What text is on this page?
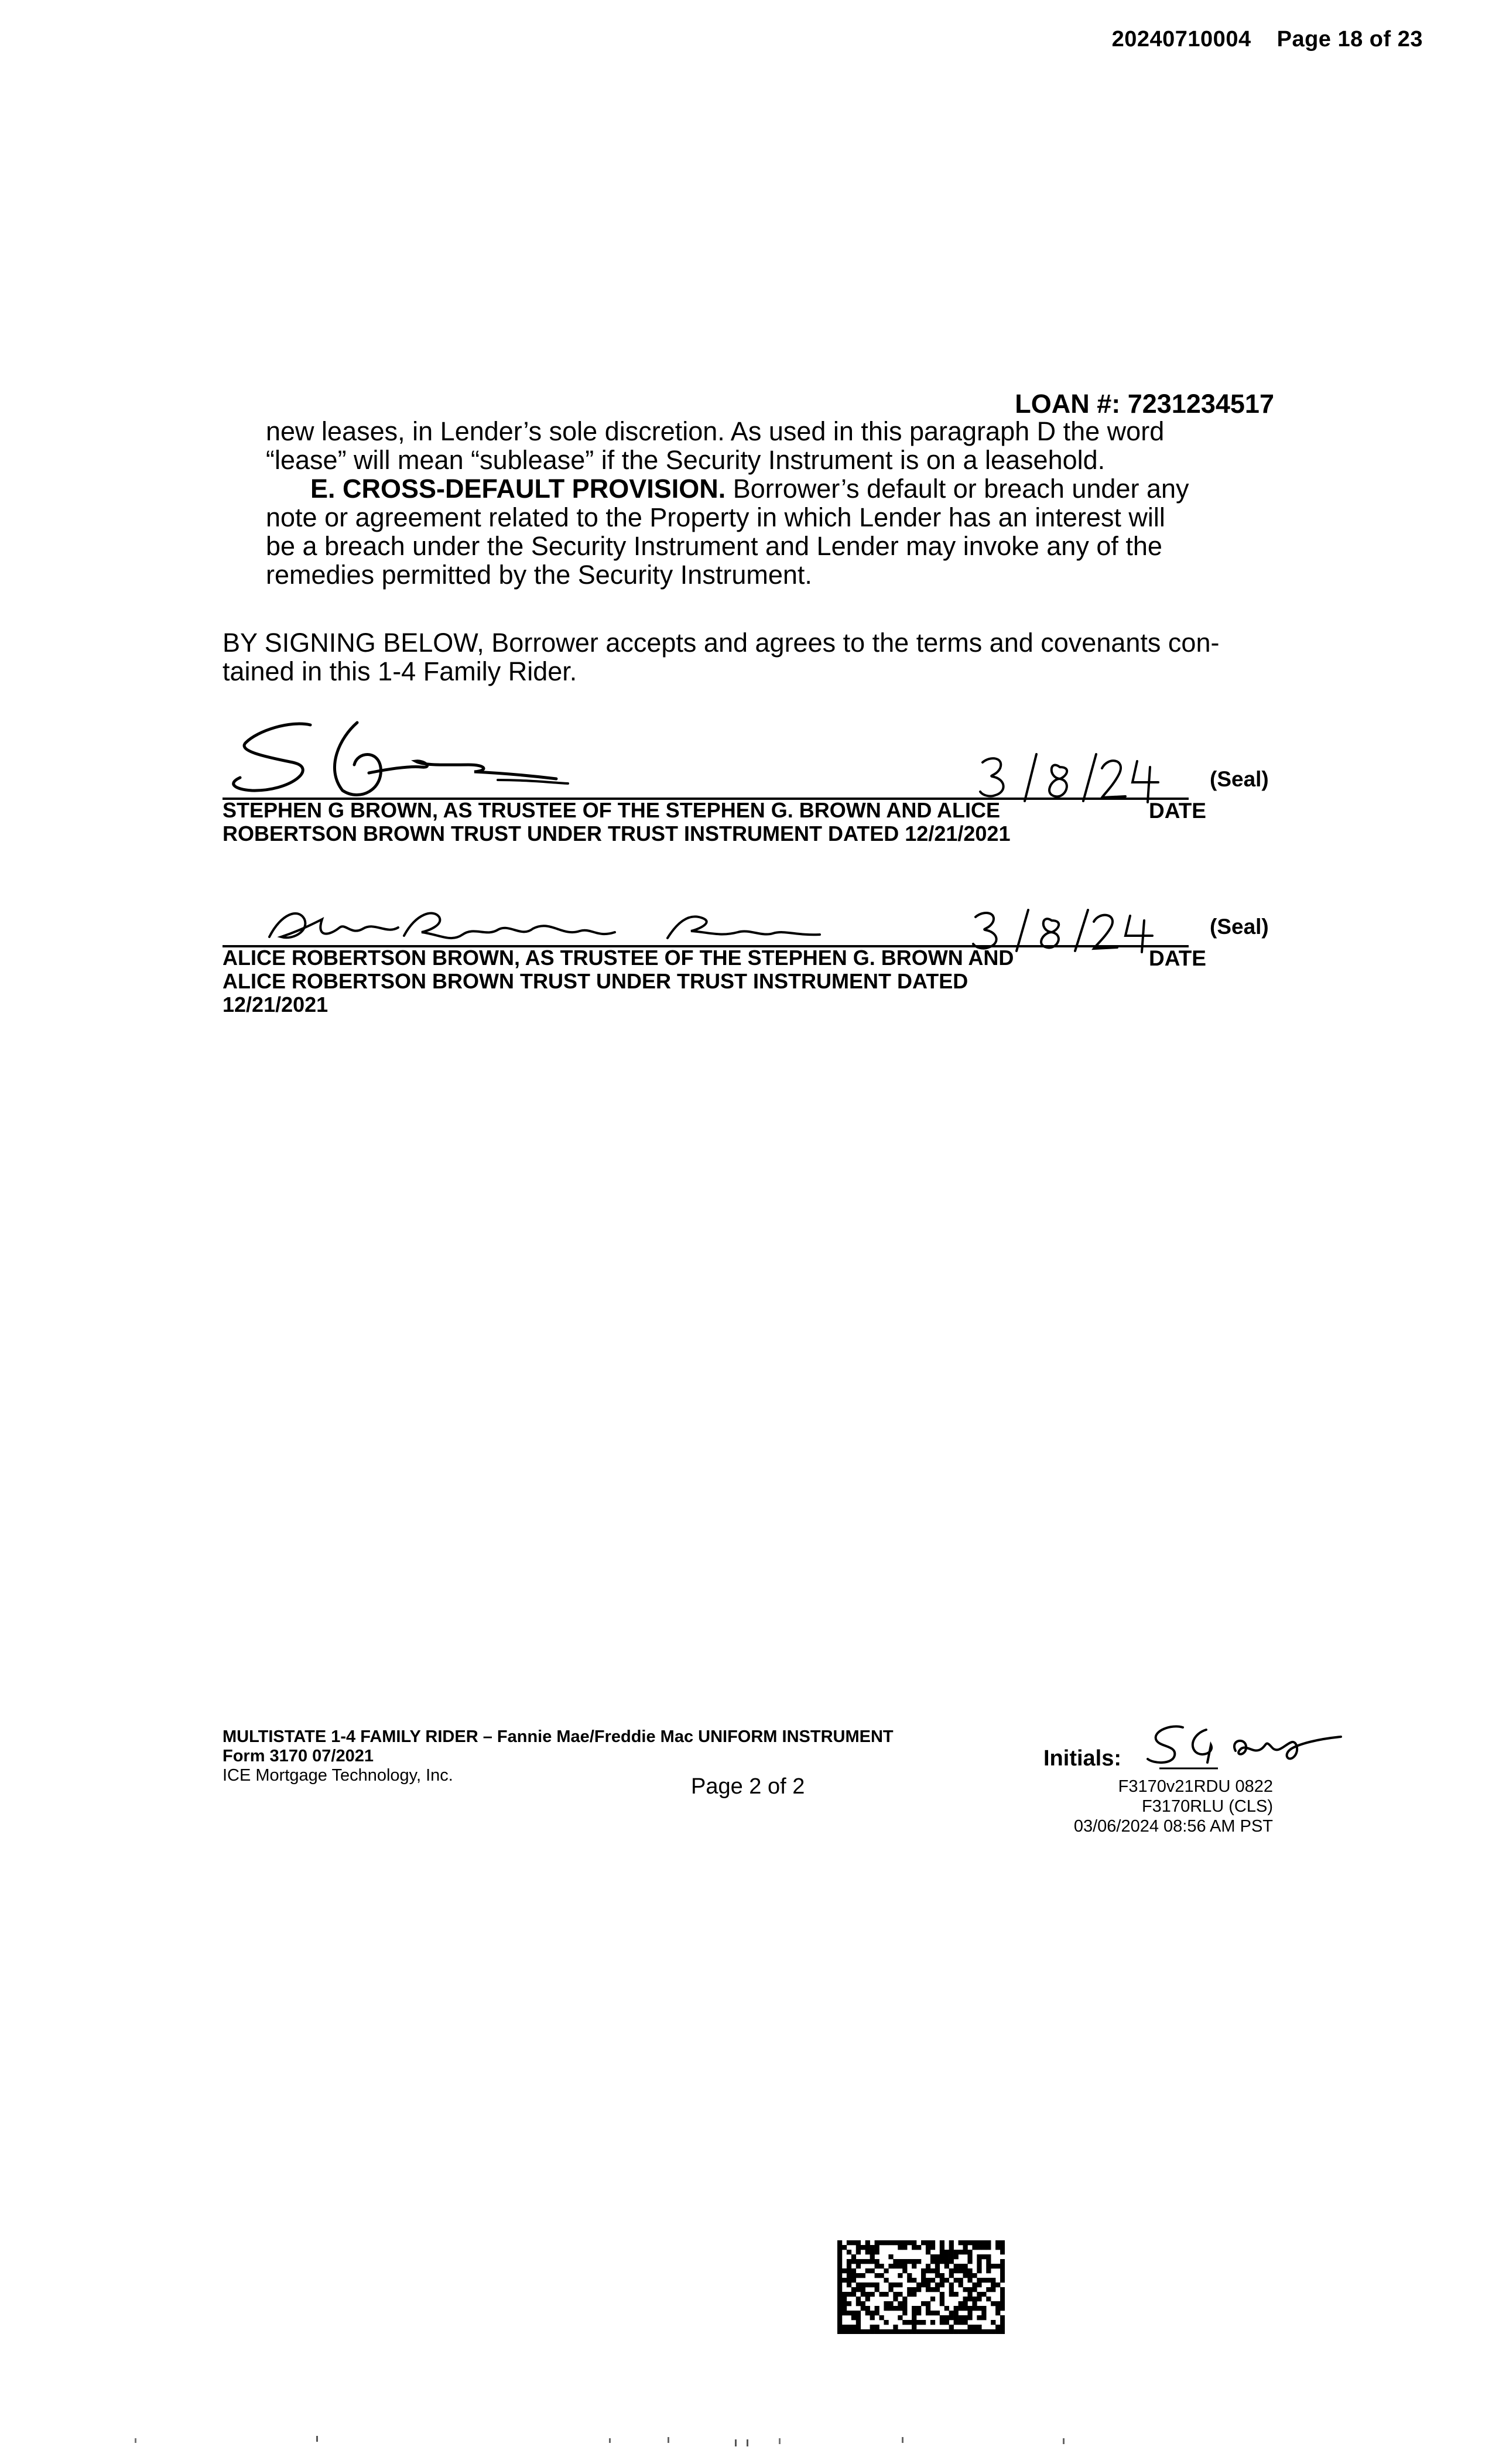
20240710004 Page 18 of 23
LOAN #: 7231234517
new leases, in Lender’s sole discretion. As used in this paragraph D the word
“lease” will mean “sublease” if the Security Instrument is on a leasehold.
E. CROSS-DEFAULT PROVISION. Borrower’s default or breach under any
note or agreement related to the Property in which Lender has an interest will
be a breach under the Security Instrument and Lender may invoke any of the
remedies permitted by the Security Instrument.
BY SIGNING BELOW, Borrower accepts and agrees to the terms and covenants con-
tained in this 1-4 Family Rider.
(Seal)
STEPHEN G BROWN, AS TRUSTEE OF THE STEPHEN G. BROWN AND ALICE
ROBERTSON BROWN TRUST UNDER TRUST INSTRUMENT DATED 12/21/2021
DATE
(Seal)
ALICE ROBERTSON BROWN, AS TRUSTEE OF THE STEPHEN G. BROWN AND
ALICE ROBERTSON BROWN TRUST UNDER TRUST INSTRUMENT DATED
12/21/2021
DATE
MULTISTATE 1-4 FAMILY RIDER – Fannie Mae/Freddie Mac UNIFORM INSTRUMENT
Form 3170 07/2021
ICE Mortgage Technology, Inc.	Page 2 of 2
Initials:
F3170v21RDU 0822
F3170RLU (CLS)
03/06/2024 08:56 AM PST
